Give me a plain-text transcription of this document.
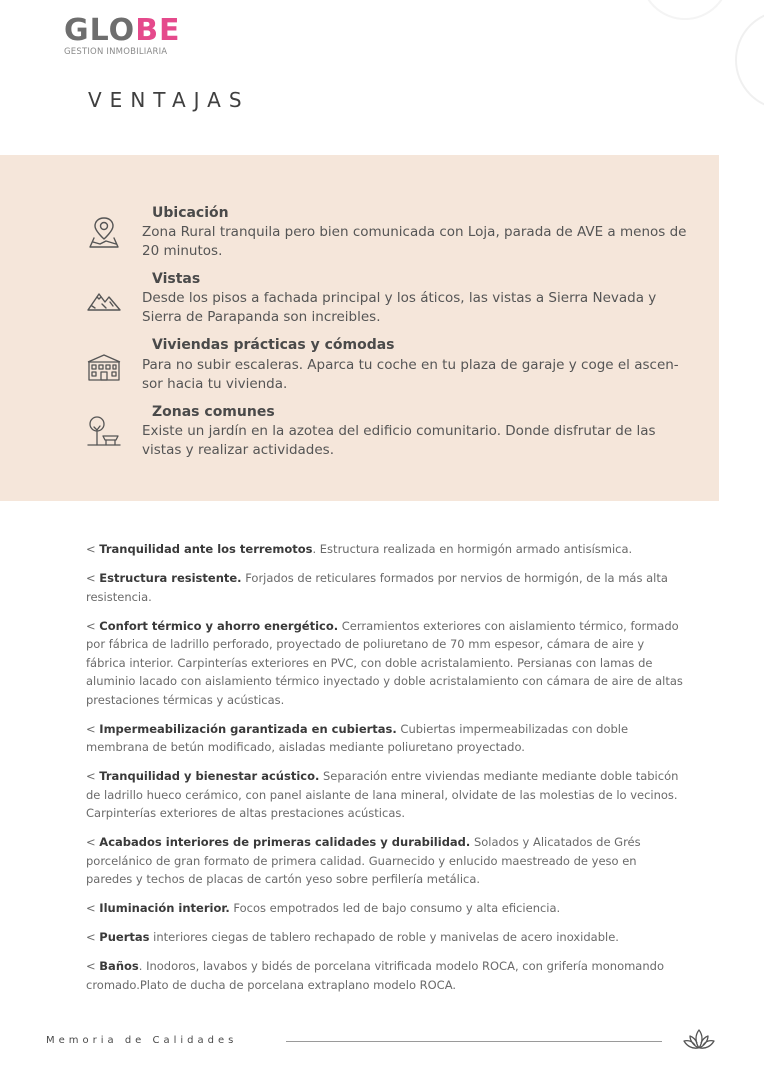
GLOBE
GESTION INMOBILIARIA
VENTAJAS
Ubicación
Zona Rural tranquila pero bien comunicada con Loja, parada de AVE a menos de 20 minutos.
Vistas
Desde los pisos a fachada principal y los áticos, las vistas a Sierra Nevada y Sierra de Parapanda son increibles.
Viviendas prácticas y cómodas
Para no subir escaleras. Aparca tu coche en tu plaza de garaje y coge el ascen-sor hacia tu vivienda.
Zonas comunes
Existe un jardín en la azotea del edificio comunitario. Donde disfrutar de las vistas y realizar actividades.

< Tranquilidad ante los terremotos. Estructura realizada en hormigón armado antisísmica.

< Estructura resistente. Forjados de reticulares formados por nervios de hormigón, de la más alta resistencia.

< Confort térmico y ahorro energético. Cerramientos exteriores con aislamiento térmico, formado por fábrica de ladrillo perforado, proyectado de poliuretano de 70 mm espesor, cámara de aire y fábrica interior. Carpinterías exteriores en PVC, con doble acristalamiento. Persianas con lamas de aluminio lacado con aislamiento térmico inyectado y doble acristalamiento con cámara de aire de altas prestaciones térmicas y acústicas.

< Impermeabilización garantizada en cubiertas. Cubiertas impermeabilizadas con doble membrana de betún modificado, aisladas mediante poliuretano proyectado.

< Tranquilidad y bienestar acústico. Separación entre viviendas mediante mediante doble tabicón de ladrillo hueco cerámico, con panel aislante de lana mineral, olvidate de las molestias de lo vecinos. Carpinterías exteriores de altas prestaciones acústicas.

< Acabados interiores de primeras calidades y durabilidad. Solados y Alicatados de Grés porcelánico de gran formato de primera calidad. Guarnecido y enlucido maestreado de yeso en paredes y techos de placas de cartón yeso sobre perfilería metálica.

< Iluminación interior. Focos empotrados led de bajo consumo y alta eficiencia.

< Puertas interiores ciegas de tablero rechapado de roble y manivelas de acero inoxidable.

< Baños. Inodoros, lavabos y bidés de porcelana vitrificada modelo ROCA, con grifería monomando cromado.Plato de ducha de porcelana extraplano modelo ROCA.

Memoria de Calidades
